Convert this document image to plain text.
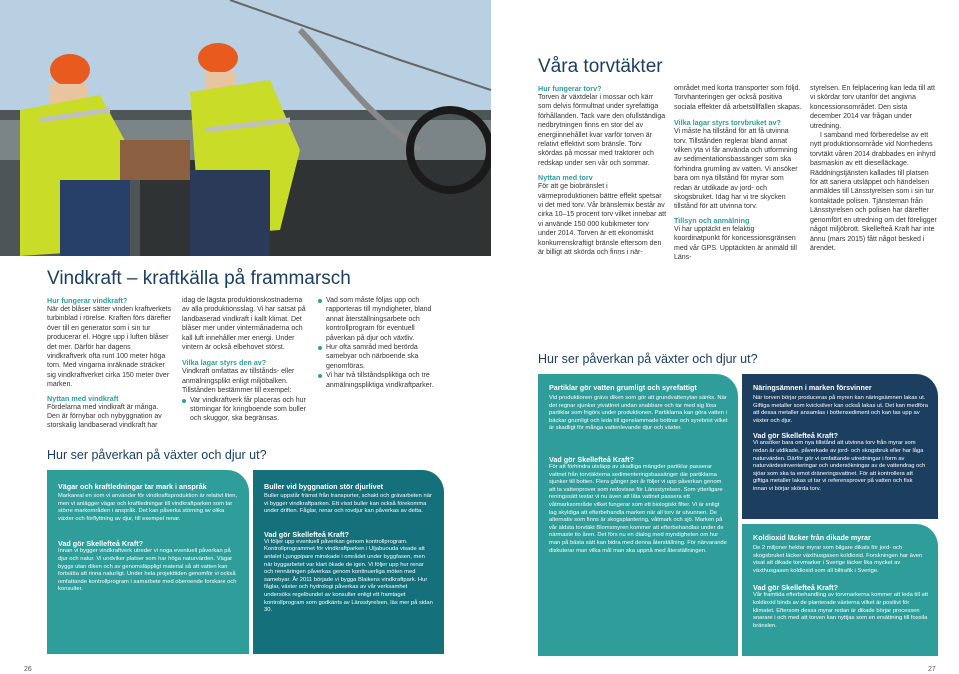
Vindkraft – kraftkälla på frammarsch
Hur fungerar vindkraft?
När det blåser sätter vinden kraftverkets turbinblad i rörelse. Kraften förs därefter över till en generator som i sin tur producerar el. Högre upp i luften blåser det mer. Därför har dagens vindkraftverk ofta runt 100 meter höga torn. Med vingarna inräknade sträcker sig vindkraftverket cirka 150 meter över marken.
Nyttan med vindkraft
Fördelarna med vindkraft är många. Den är förnybar och nybyggnation av storskalig landbaserad vindkraft har
idag de lägsta produktionskostnaderna av alla produktionsslag. Vi har satsat på landbaserad vindkraft i kallt klimat. Det blåser mer under vintermånaderna och kall luft innehåller mer energi. Under vintern är också elbehovet störst.
Vilka lagar styrs den av?
Vindkraft omfattas av tillstånds- eller anmälningsplikt enligt miljöbalken. Tillstånden bestämmer till exempel:
Var vindkraftverk får placeras och hur störningar för kringboende som buller och skuggor, ska begränsas.
Vad som måste följas upp och rapporteras till myndigheter, bland annat återställningsarbete och kontrollprogram för eventuell påverkan på djur och växtliv.
Hur ofta samråd med berörda samebyar och närboende ska genomföras.
Vi har två tillståndspliktiga och tre anmälningspliktiga vindkraftparker.
Hur ser påverkan på växter och djur ut?
Vägar och kraftledningar tar mark i anspråk
Markareal en som vi använder för vindkraftsproduktion är relativt liten, men vi anlägger vägar och kraftledningar till vindkraftparken som tar större markområden i anspråk. Det kan påverka störning av olika växter och förflyttning av djur, till exempel renar.
Vad gör Skellefteå Kraft?
Innan vi bygger vindkraftverk utreder vi noga eventuell påverkan på djur och natur. Vi undviker platser som har höga naturvärden. Vägar byggs utan diken och av genomsläppligt material så att vatten kan fortsätta att rinna naturligt. Under hela projekttiden genomför vi också omfattande kontrollprogram i samarbete med oberoende forskare och konsulter.
Buller vid byggnation stör djurlivet
Buller uppstår främst från transporter, schakt och grävarbeten när vi bygger vindkraftparken. Ett visst buller kan också förekomma under driften. Fåglar, renar och rovdjur kan påverkas av detta.
Vad gör Skellefteå Kraft?
Vi följer upp eventuell påverkan genom kontrollprogram. Kontrollprogrammet för vindkraftparken i Uljabuouda visade att antalet Ljungpipare minskade i området under byggfasen, men när byggarbetet var klart ökade de igen. Vi följer upp hur renar och rennäringen påverkas genom kontinuerliga möten med samebyar. År 2011 började vi bygga Blaikens vindkraftpark. Hur fåglar, växter och hydrologi påverkas av vår verksamhet undersöks regelbundet av konsulter enligt ett framtaget kontrollprogram som godkänts av Länsstyrelsen, läs mer på sidan 30.
26
Våra torvtäkter
Hur fungerar torv?
Torven är växtdelar i mossar och kärr som delvis förmultnat under syrefattiga förhållanden. Tack vare den ofullständiga nedbrytningen finns en stor del av energiinnehållet kvar varför torven är relativt effektivt som bränsle. Torv skördas på mossar med traktorer och redskap under sen vår och sommar.
Nyttan med torv
För att ge biobränslet i värmeproduktionen bättre effekt spetsar vi det med torv. Vår bränslemix består av cirka 10–15 procent torv vilket innebar att vi använde 150 000 kubikmeter torv under 2014. Torven är ett ekonomiskt konkurrenskraftigt bränsle eftersom den är billigt att skörda och finns i när-
området med korta transporter som följd. Torvhanteringen ger också positiva sociala effekter då arbetstillfällen skapas.
Vilka lagar styrs torvbruket av?
Vi måste ha tillstånd för att få utvinna torv. Tillstånden reglerar bland annat vilken yta vi får använda och utformning av sedimentationsbassänger som ska förhindra grumling av vatten. Vi ansöker bara om nya tillstånd för myrar som redan är utdikade av jord- och skogsbruket. Idag har vi tre skycken tillstånd för att utvinna torv.
Tillsyn och anmälning
Vi har upptäckt en felaktig koordinatpunkt för koncessionsgränsen med vår GPS. Upptäckten är anmäld till Läns-
styrelsen. En felplacering kan leda till att vi skördar torv utanför det angivna koncessionsområdet. Den sista december 2014 var frågan under utredning.
I samband med förberedelse av ett nytt produktionsområde vid Norrhedens torvtäkt våren 2014 drabbades en inhyrd basmaskin av ett dieselläckage. Räddningstjänsten kallades till platsen för att sanera utsläppet och händelsen anmäldes till Länsstyrelsen som i sin tur kontaktade polisen. Tjänsteman från Länsstyrelsen och polisen har därefter genomfört en utredning om det föreligger något miljöbrott. Skellefteå Kraft har inte ännu (mars 2015) fått något besked i ärendet.
Hur ser påverkan på växter och djur ut?
Partiklar gör vatten grumligt och syrefattigt
Vid produktionen grävs diken som gör att grundvattenytan sänks. När det regnar sjunker ytvattnet undan snabbare och tar med sig lösa partiklar som frigörs under produktionen. Partiklarna kan göra vatten i bäckar grumligt och leda till igenslammade bottnar och syrebrist vilket är skadligt för många vattenlevande djur och växter.
Vad gör Skellefteå Kraft?
För att förhindra utsläpp av skadliga mängder partiklar passerar vattnet från torvtäkterna sedimenteringsbassänger där partiklarna sjunker till botten. Flera gånger per år följer vi upp påverkan genom att ta vattenprover som redovisas för Länsstyrelsen. Som ytterligare reningssätt testar vi nu även att låta vattnet passera ett våtmarksområde vilket fungerar som ett biologiskt filter. Vi är enligt lag skyldiga att efterbehandla marken när all torv är utvunnen. De alternativ som finns är skogsplantering, våtmark och sjö. Marken på vår äldsta torvtäkt Blomsmyren kommer att efterbehandlas under de närmaste tio åren. Det förs nu en dialog med myndigheten om hur man på bästa sätt kan bidra med denna återställning. För närvarande diskuterar man vilka mål man ska uppnå med återställningen.
Näringsämnen i marken försvinner
När torven börjar produceras på myren kan näringsämnen lakas ut. Giftiga metaller som kvicksilver kan också lakas ut. Det kan medföra att dessa metaller ansamlas i bottensediment och kan tas upp av växter och djur.
Vad gör Skellefteå Kraft?
Vi ansöker bara om nya tillstånd att utvinna torv från myrar som redan är utdikade, påverkade av jord- och skogsbruk eller har låga naturvärden. Därför gör vi omfattande utredningar i form av naturvärdesinventeringar och undersökningar av de vattendrag och sjöar som ska ta emot dräneringsvattnet. För att kontrollera att giftiga metaller lakas ut tar vi referensprover på vatten och fisk innan vi börjar skörda torv.
Koldioxid läcker från dikade myrar
De 2 miljoner hektar myrar som bilgare dikats för jord- och skogsbruket läcker växthusgasen koldioxid. Forskningen har även visat att dikade torvmarker i Sverige läcker lika mycket av växthusgasen koldioxid som all biltrafik i Sverige.
Vad gör Skellefteå Kraft?
Vår framtida efterbehandling av torvmarkerna kommer att leda till att koldioxid binds av de planterade växterna vilket är positivt för klimatet. Eftersom dessa myrar redan är dikade börjar processen snarare i och med att torven kan nyttjas som en ersättning till fossila bränslen.
27
